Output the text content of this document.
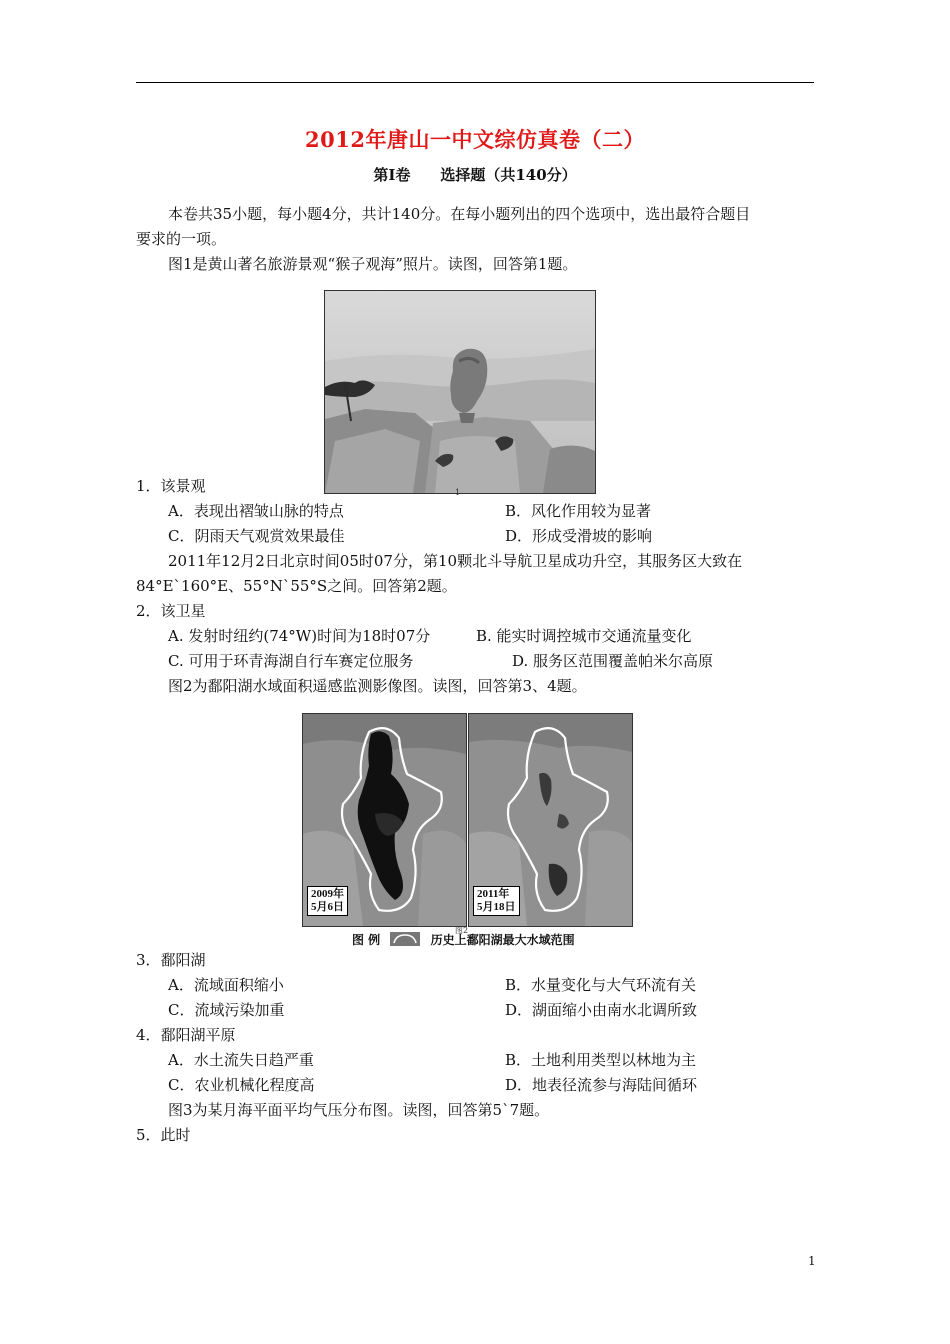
2012年唐山一中文综仿真卷（二）
第Ⅰ卷　　选择题（共140分）
本卷共35小题，每小题4分，共计140分。在每小题列出的四个选项中，选出最符合题目
要求的一项。
图1是黄山著名旅游景观“猴子观海”照片。读图，回答第1题。
1
1．该景观
A．表现出褶皱山脉的特点	B．风化作用较为显著
C．阴雨天气观赏效果最佳	D．形成受滑坡的影响
2011年12月2日北京时间05时07分，第10颗北斗导航卫星成功升空，其服务区大致在
84°E`160°E、55°N`55°S之间。回答第2题。
2．该卫星
A. 发射时纽约(74°W)时间为18时07分	B. 能实时调控城市交通流量变化
C. 可用于环青海湖自行车赛定位服务	D. 服务区范围覆盖帕米尔高原
图2为鄱阳湖水域面积遥感监测影像图。读图，回答第3、4题。
2009年
5月6日
2011年
5月18日
图 例	历史上鄱阳湖最大水域范围
图2
3．鄱阳湖
A．流域面积缩小	B．水量变化与大气环流有关
C．流域污染加重	D．湖面缩小由南水北调所致
4．鄱阳湖平原
A．水土流失日趋严重	B．土地利用类型以林地为主
C．农业机械化程度高	D．地表径流参与海陆间循环
图3为某月海平面平均气压分布图。读图，回答第5`7题。
5．此时
1
